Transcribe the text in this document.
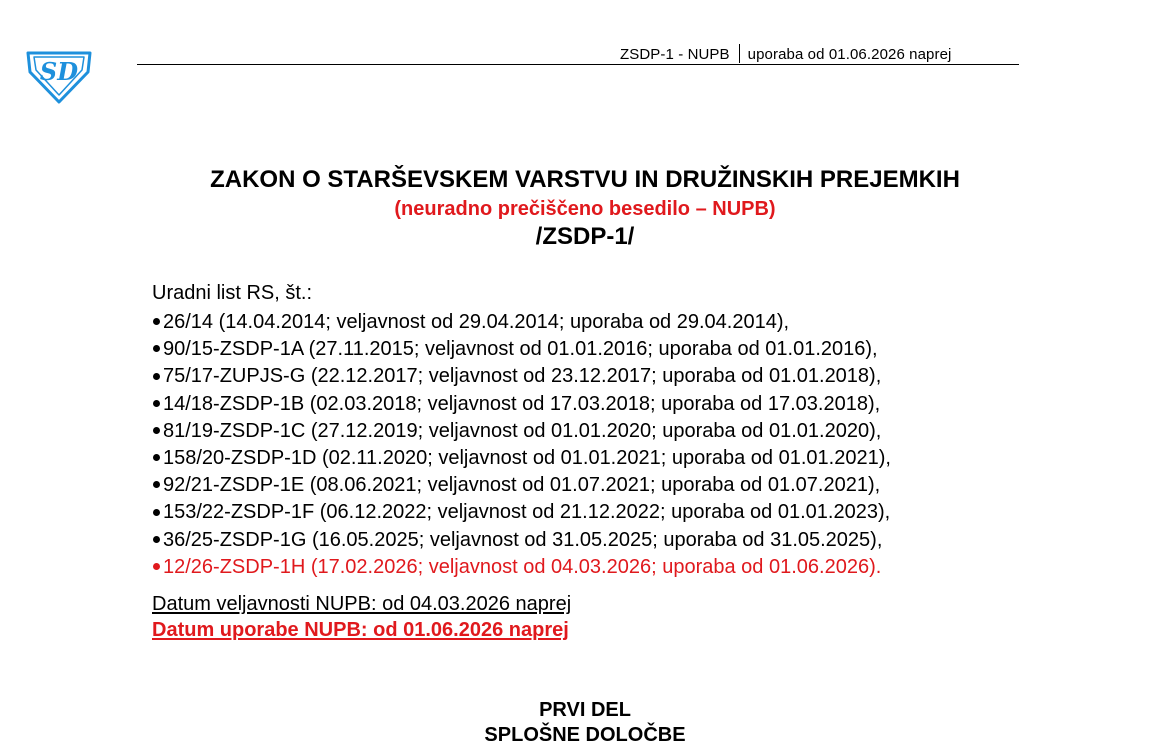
SD
ZSDP-1 - NUPB uporaba od 01.06.2026 naprej
ZAKON O STARŠEVSKEM VARSTVU IN DRUŽINSKIH PREJEMKIH
(neuradno prečiščeno besedilo – NUPB)
/ZSDP-1/
Uradni list RS, št.:
26/14 (14.04.2014; veljavnost od 29.04.2014; uporaba od 29.04.2014),
90/15-ZSDP-1A (27.11.2015; veljavnost od 01.01.2016; uporaba od 01.01.2016),
75/17-ZUPJS-G (22.12.2017; veljavnost od 23.12.2017; uporaba od 01.01.2018),
14/18-ZSDP-1B (02.03.2018; veljavnost od 17.03.2018; uporaba od 17.03.2018),
81/19-ZSDP-1C (27.12.2019; veljavnost od 01.01.2020; uporaba od 01.01.2020),
158/20-ZSDP-1D (02.11.2020; veljavnost od 01.01.2021; uporaba od 01.01.2021),
92/21-ZSDP-1E (08.06.2021; veljavnost od 01.07.2021; uporaba od 01.07.2021),
153/22-ZSDP-1F (06.12.2022; veljavnost od 21.12.2022; uporaba od 01.01.2023),
36/25-ZSDP-1G (16.05.2025; veljavnost od 31.05.2025; uporaba od 31.05.2025),
12/26-ZSDP-1H (17.02.2026; veljavnost od 04.03.2026; uporaba od 01.06.2026).
Datum veljavnosti NUPB: od 04.03.2026 naprej
Datum uporabe NUPB: od 01.06.2026 naprej
PRVI DEL
SPLOŠNE DOLOČBE
